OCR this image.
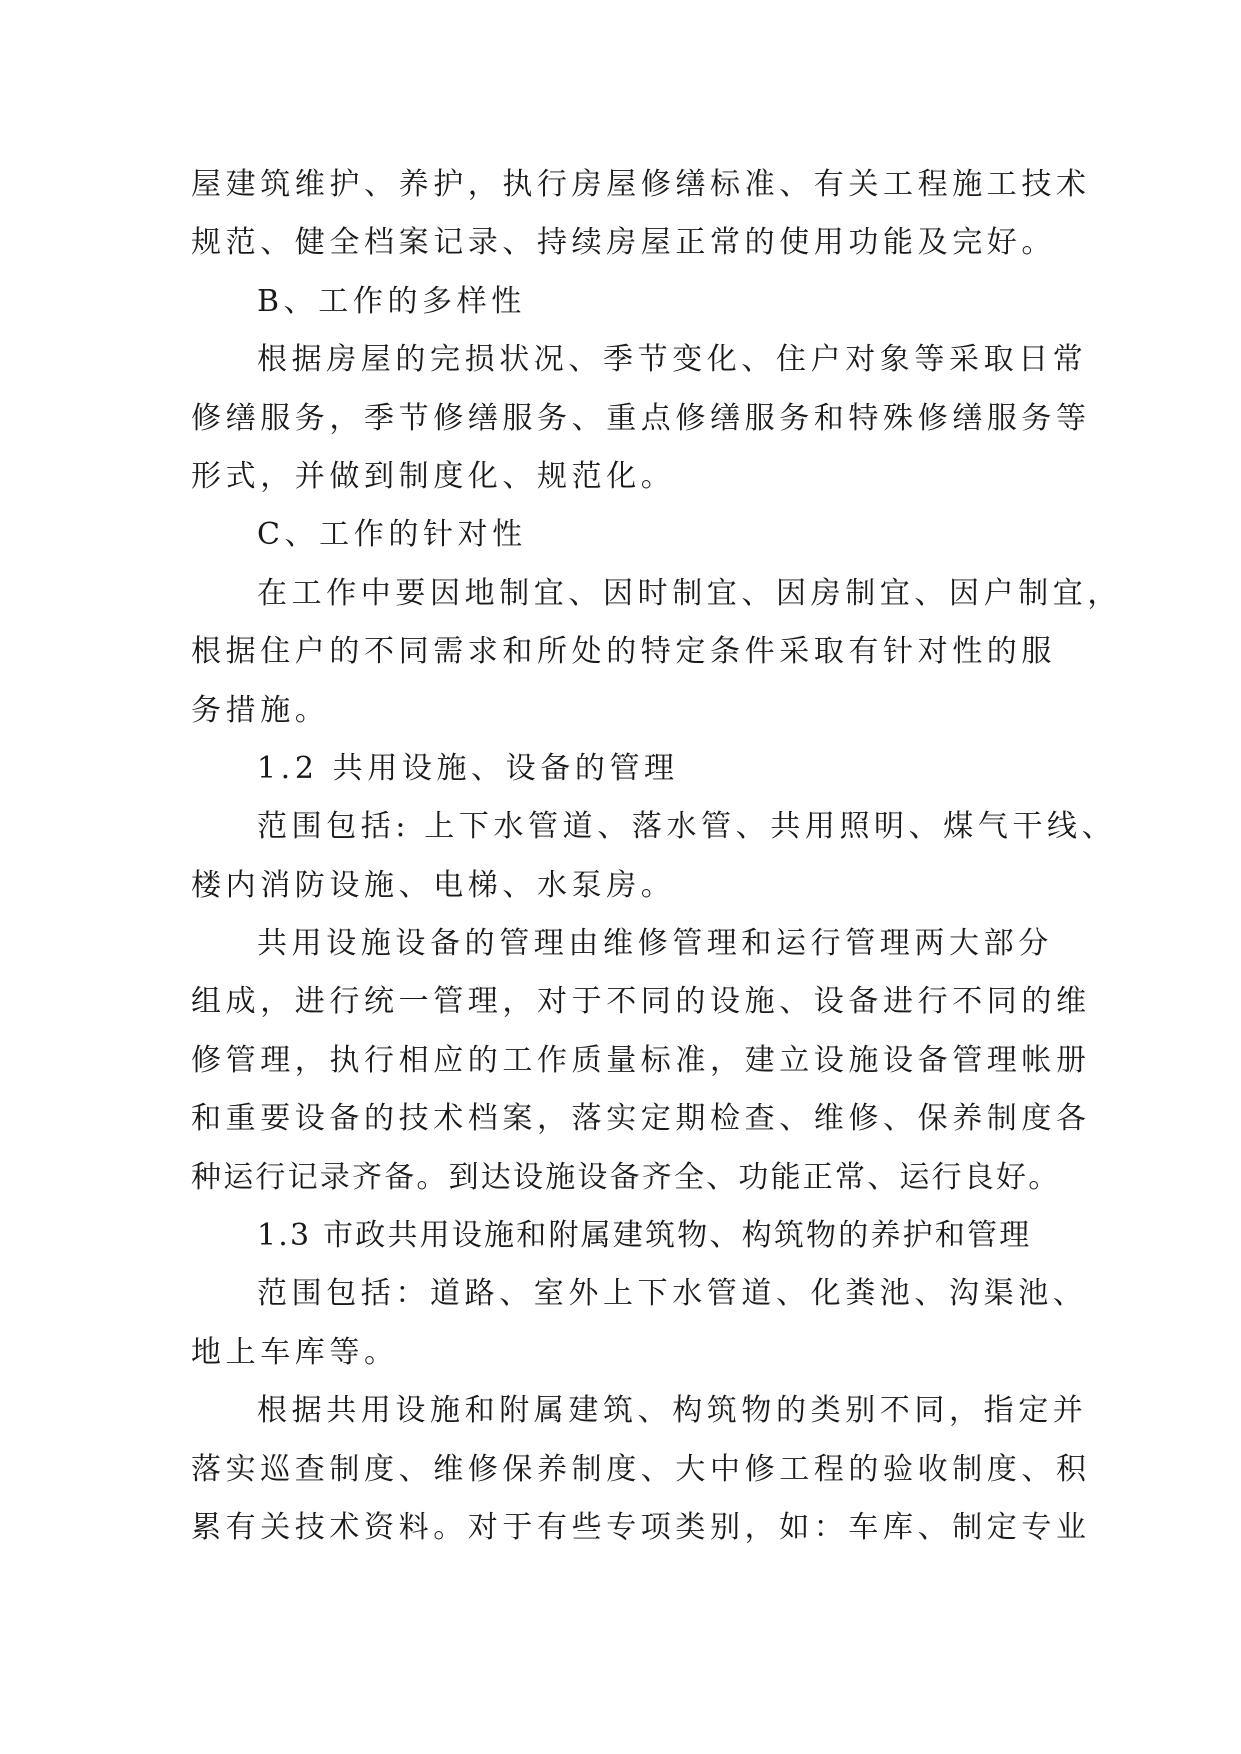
屋建筑维护、养护，执行房屋修缮标准、有关工程施工技术
规范、健全档案记录、持续房屋正常的使用功能及完好。
B、工作的多样性
根据房屋的完损状况、季节变化、住户对象等采取日常
修缮服务，季节修缮服务、重点修缮服务和特殊修缮服务等
形式，并做到制度化、规范化。
C、工作的针对性
在工作中要因地制宜、因时制宜、因房制宜、因户制宜，
根据住户的不同需求和所处的特定条件采取有针对性的服
务措施。
1.2 共用设施、设备的管理
范围包括: 上下水管道、落水管、共用照明、煤气干线、
楼内消防设施、电梯、水泵房。
共用设施设备的管理由维修管理和运行管理两大部分
组成，进行统一管理，对于不同的设施、设备进行不同的维
修管理，执行相应的工作质量标准，建立设施设备管理帐册
和重要设备的技术档案，落实定期检查、维修、保养制度各
种运行记录齐备。到达设施设备齐全、功能正常、运行良好。
1.3 市政共用设施和附属建筑物、构筑物的养护和管理
范围包括：道路、室外上下水管道、化粪池、沟渠池、
地上车库等。
根据共用设施和附属建筑、构筑物的类别不同，指定并
落实巡查制度、维修保养制度、大中修工程的验收制度、积
累有关技术资料。对于有些专项类别，如：车库、制定专业
